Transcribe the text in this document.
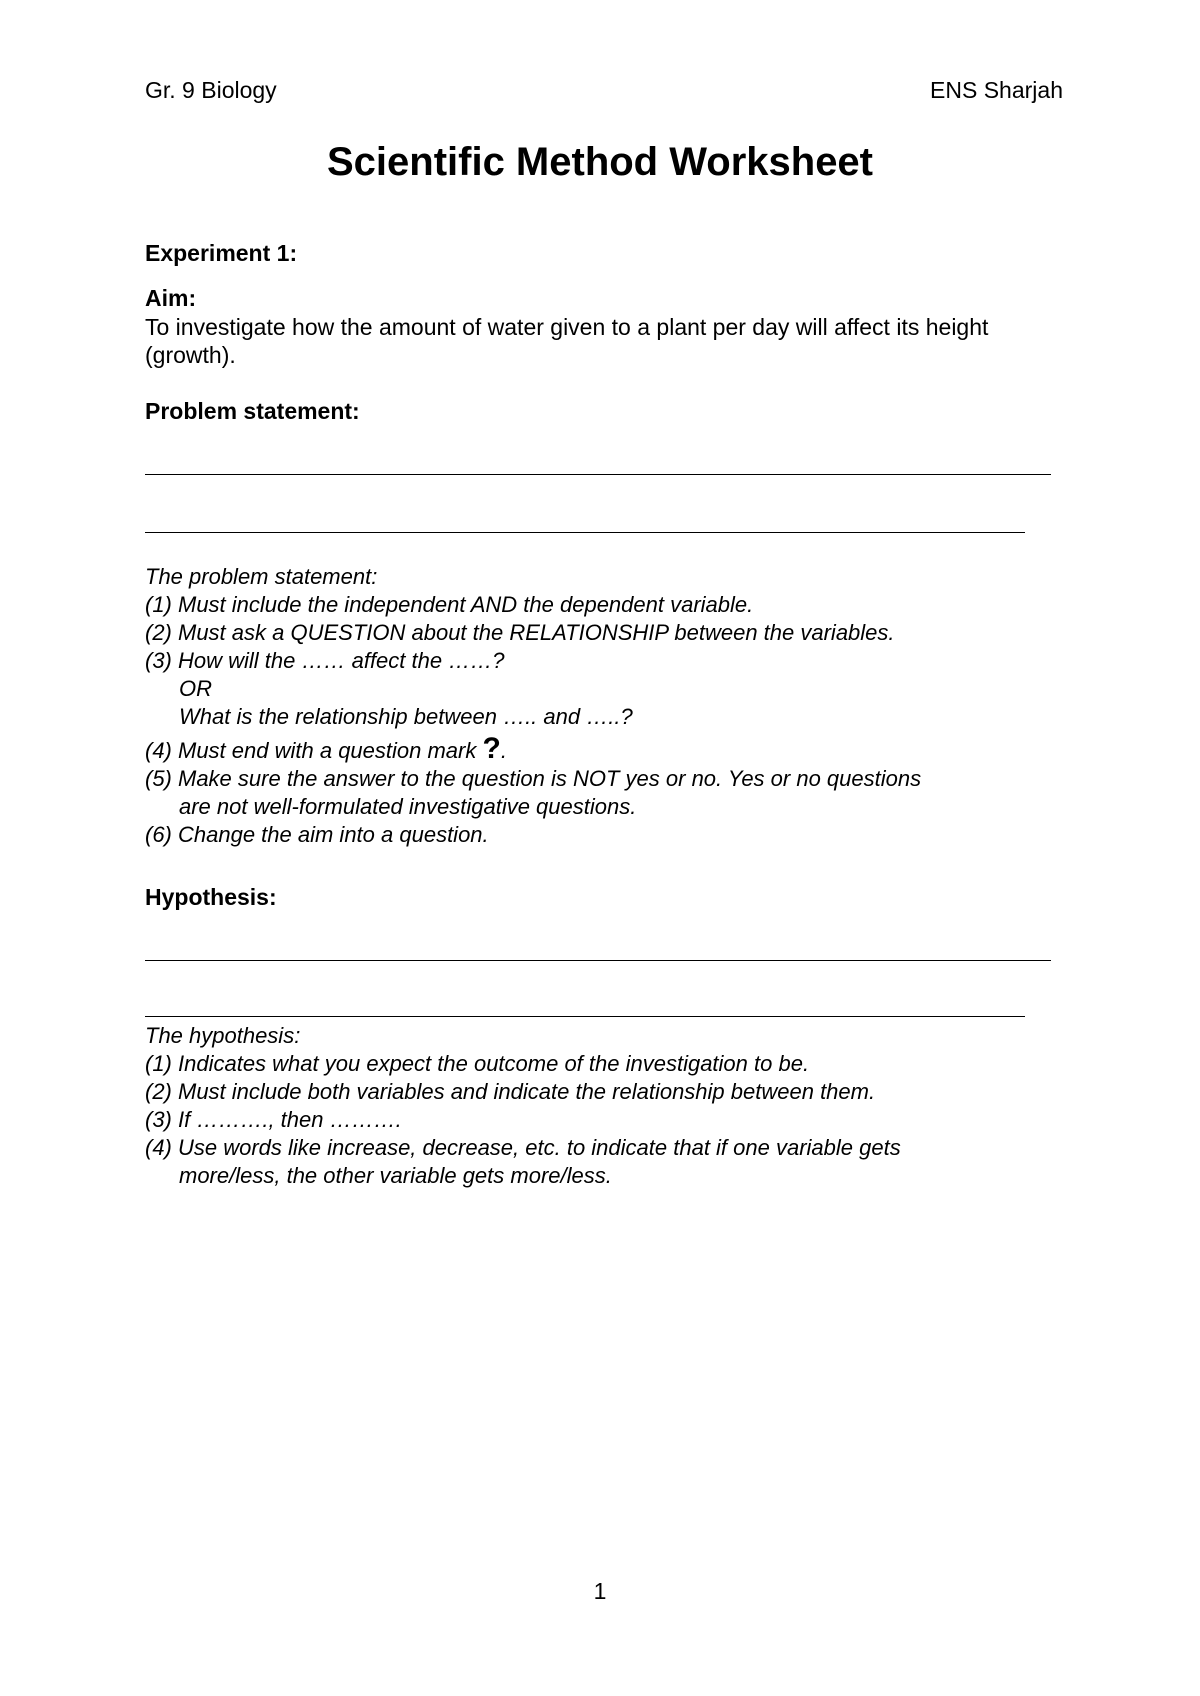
Gr. 9 Biology	ENS Sharjah
Scientific Method Worksheet
Experiment 1:
Aim:
To investigate how the amount of water given to a plant per day will affect its height
(growth).
Problem statement:
The problem statement:
(1) Must include the independent AND the dependent variable.
(2) Must ask a QUESTION about the RELATIONSHIP between the variables.
(3) How will the …… affect the ……?
OR
What is the relationship between ….. and …..?
(4) Must end with a question mark ?.
(5) Make sure the answer to the question is NOT yes or no. Yes or no questions
are not well-formulated investigative questions.
(6) Change the aim into a question.
Hypothesis:
The hypothesis:
(1) Indicates what you expect the outcome of the investigation to be.
(2) Must include both variables and indicate the relationship between them.
(3) If ………., then ……….
(4) Use words like increase, decrease, etc. to indicate that if one variable gets
more/less, the other variable gets more/less.
1
